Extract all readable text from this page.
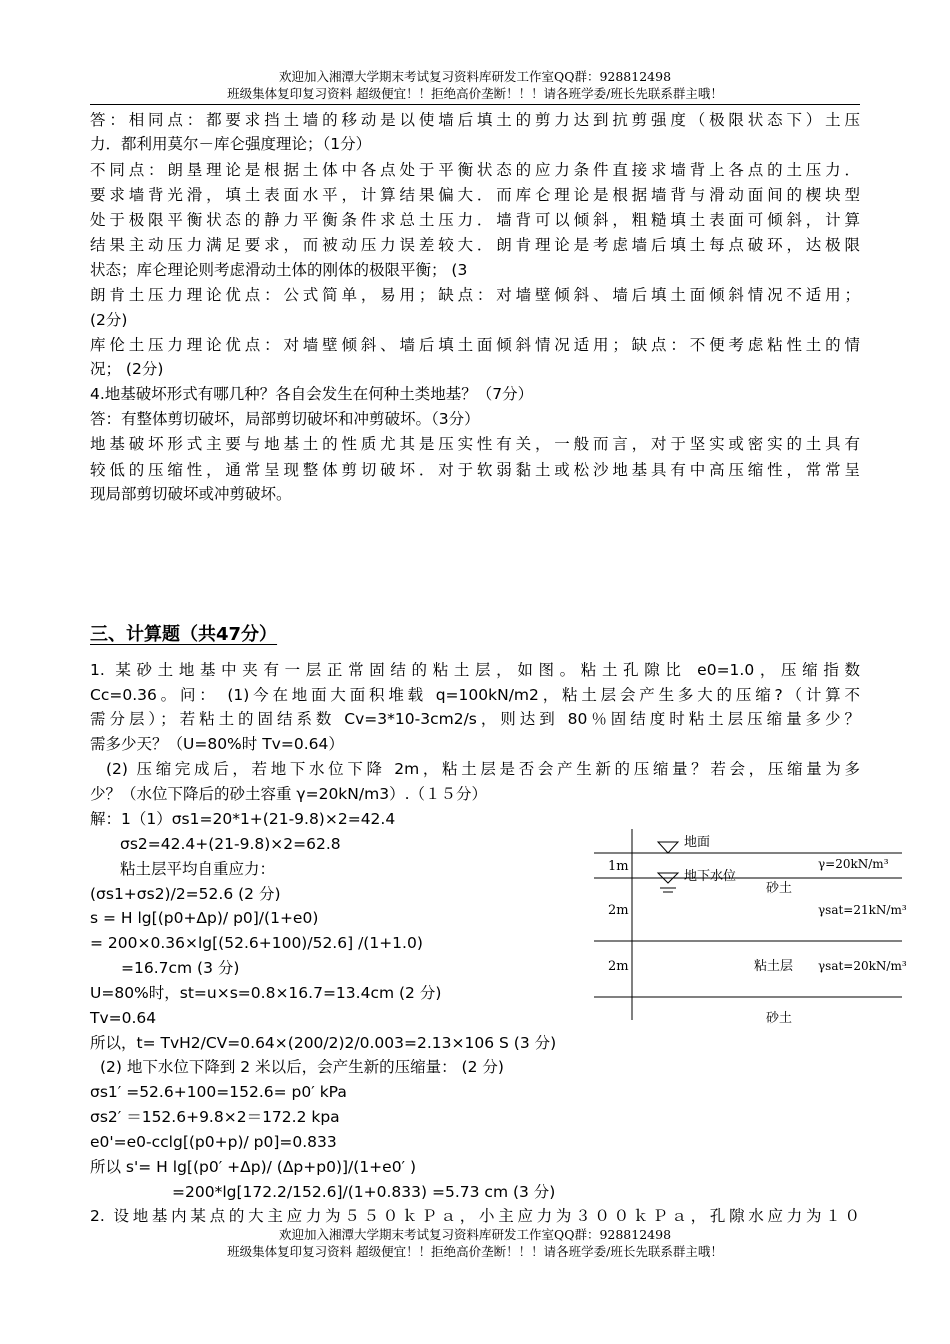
欢迎加入湘潭大学期末考试复习资料库研发工作室QQ群：928812498
班级集体复印复习资料 超级便宜！！拒绝高价垄断！！！请各班学委/班长先联系群主哦！
答：相同点：都要求挡土墙的移动是以使墙后填土的剪力达到抗剪强度（极限状态下）土压
力．都利用莫尔－库仑强度理论；（1分）
不同点：朗垦理论是根据土体中各点处于平衡状态的应力条件直接求墙背上各点的土压力．
要求墙背光滑，填土表面水平，计算结果偏大．而库仑理论是根据墙背与滑动面间的楔块型
处于极限平衡状态的静力平衡条件求总土压力．墙背可以倾斜，粗糙填土表面可倾斜，计算
结果主动压力满足要求，而被动压力误差较大．朗肯理论是考虑墙后填土每点破环，达极限
状态；库仑理论则考虑滑动土体的刚体的极限平衡； (3
朗肯土压力理论优点：公式简单，易用；缺点：对墙壁倾斜、墙后填土面倾斜情况不适用；
(2分)
库伦土压力理论优点：对墙壁倾斜、墙后填土面倾斜情况适用；缺点：不便考虑粘性土的情
况； (2分)
4.地基破坏形式有哪几种？各自会发生在何种土类地基？（7分）
答：有整体剪切破坏，局部剪切破坏和冲剪破坏。（3分）
地基破坏形式主要与地基土的性质尤其是压实性有关，一般而言，对于坚实或密实的土具有
较低的压缩性，通常呈现整体剪切破坏．对于软弱黏土或松沙地基具有中高压缩性，常常呈
现局部剪切破坏或冲剪破坏。
三、计算题（共47分）
1. 某砂土地基中夹有一层正常固结的粘土层，如图。粘土孔隙比 e0=1.0，压缩指数
Cc=0.36。问： (1)今在地面大面积堆载 q=100kN/m2，粘土层会产生多大的压缩?（计算不
需分层）；若粘土的固结系数 Cv=3*10-3cm2/s，则达到 80％固结度时粘土层压缩量多少？
需多少天？（U=80%时 Tv=0.64）
(2) 压缩完成后，若地下水位下降 2m，粘土层是否会产生新的压缩量？若会，压缩量为多
少？（水位下降后的砂土容重 γ=20kN/m3）.（１５分）
解：1（1）σs1=20*1+(21-9.8)×2=42.4
σs2=42.4+(21-9.8)×2=62.8
粘土层平均自重应力：
(σs1+σs2)/2=52.6 (2 分)
s = H lg[(p0+Δp)/ p0]/(1+e0)
= 200×0.36×lg[(52.6+100)/52.6] /(1+1.0)
=16.7cm (3 分)
U=80%时，st=u×s=0.8×16.7=13.4cm (2 分)
Tv=0.64
所以，t= TvH2/CV=0.64×(200/2)2/0.003=2.13×106 S (3 分)
(2) 地下水位下降到 2 米以后，会产生新的压缩量： (2 分)
σs1′ =52.6+100=152.6= p0′ kPa
σs2′ ＝152.6+9.8×2＝172.2 kpa
e0'=e0-cclg[(p0+p)/ p0]=0.833
所以 s'= H lg[(p0′ +Δp)/ (Δp+p0)]/(1+e0′ )
=200*lg[172.2/152.6]/(1+0.833) =5.73 cm (3 分)
2. 设地基内某点的大主应力为５５０ｋＰａ，小主应力为３００ｋＰａ，孔隙水应力为１０
地面
地下水位
γ=20kN/m³
砂土
1m
2m	γsat=21kN/m³
2m	粘土层 γsat=20kN/m³
砂土
欢迎加入湘潭大学期末考试复习资料库研发工作室QQ群：928812498
班级集体复印复习资料 超级便宜！！拒绝高价垄断！！！请各班学委/班长先联系群主哦！
